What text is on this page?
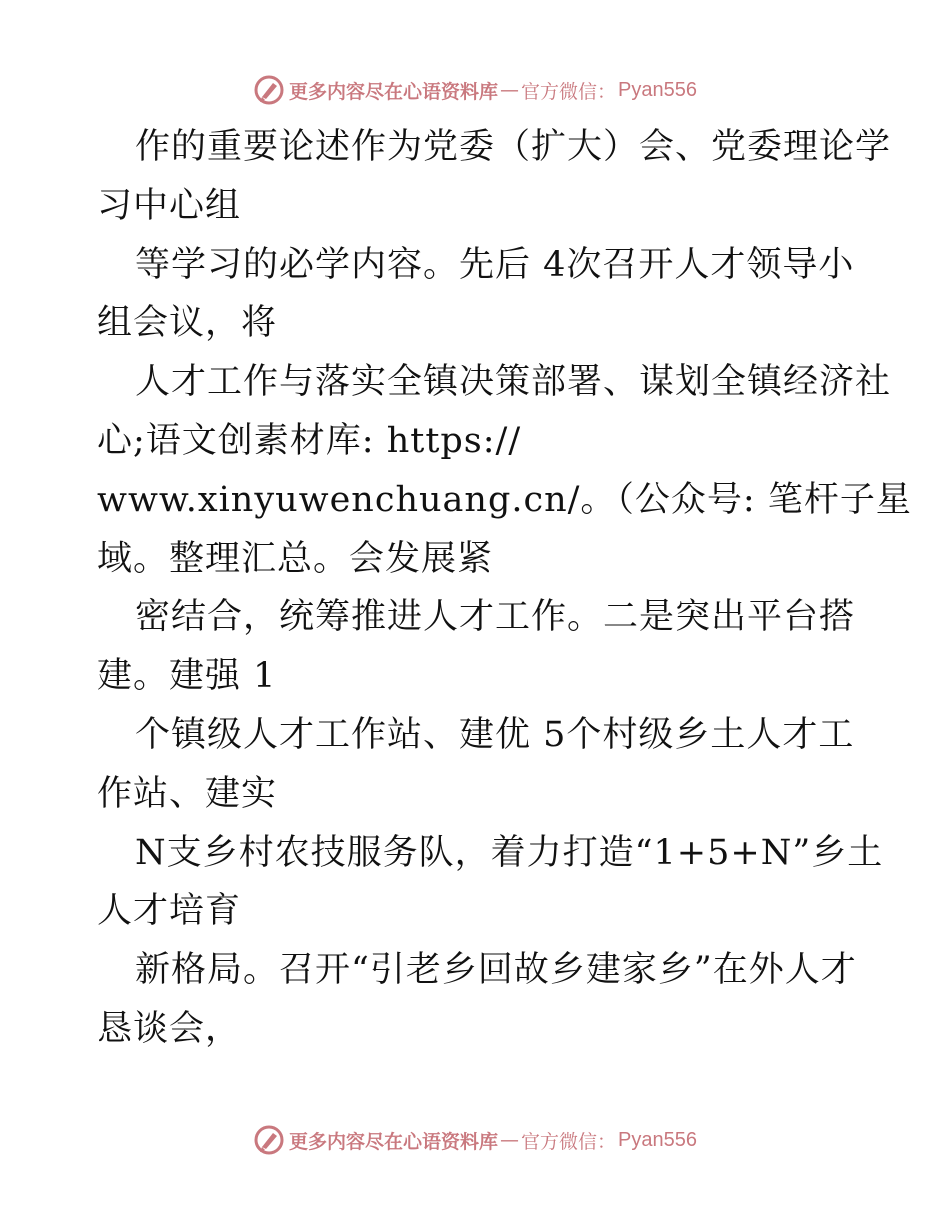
更多内容尽在心语资料库 — 官方微信： Pyan556
作的重要论述作为党委（扩大）会、党委理论学
习中心组
等学习的必学内容。先后 4次召开人才领导小
组会议，将
人才工作与落实全镇决策部署、谋划全镇经济社
心;语文创素材库: https://
www.xinyuwenchuang.cn/。（公众号: 笔杆子星
域。整理汇总。会发展紧
密结合，统筹推进人才工作。二是突出平台搭
建。建强 1
个镇级人才工作站、建优 5个村级乡土人才工
作站、建实
N支乡村农技服务队，着力打造“1+5+N”乡土
人才培育
新格局。召开“引老乡回故乡建家乡”在外人才
恳谈会，
更多内容尽在心语资料库 — 官方微信： Pyan556
